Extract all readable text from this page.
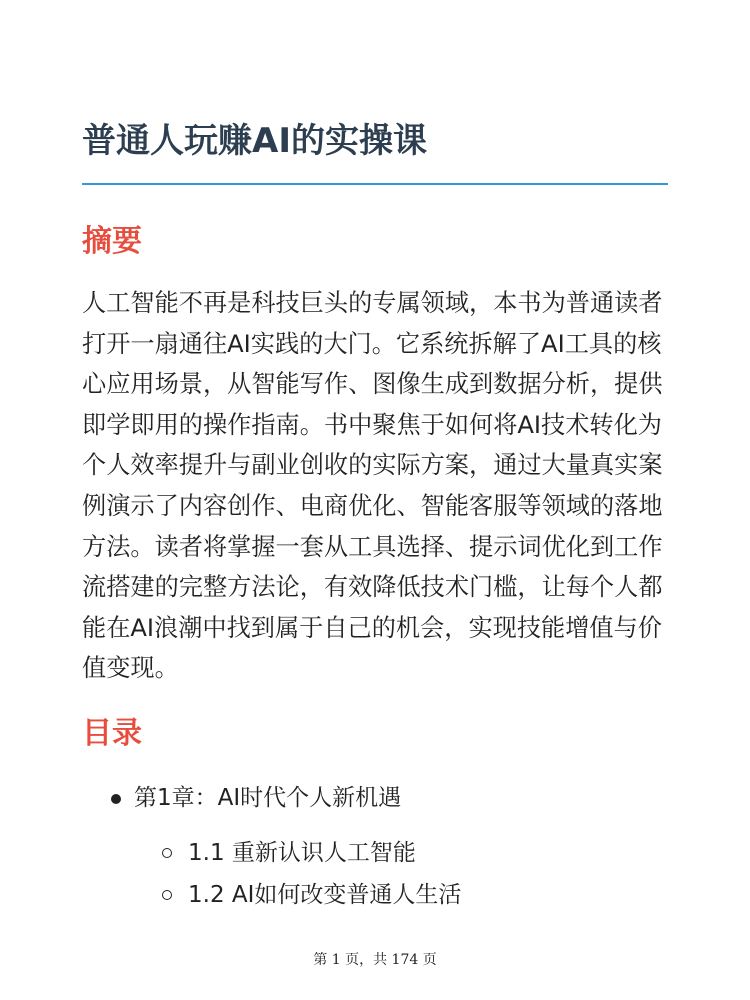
普通人玩赚AI的实操课
摘要

人工智能不再是科技巨头的专属领域，本书为普通读者打开一扇通往AI实践的大门。它系统拆解了AI工具的核心应用场景，从智能写作、图像生成到数据分析，提供即学即用的操作指南。书中聚焦于如何将AI技术转化为个人效率提升与副业创收的实际方案，通过大量真实案例演示了内容创作、电商优化、智能客服等领域的落地方法。读者将掌握一套从工具选择、提示词优化到工作流搭建的完整方法论，有效降低技术门槛，让每个人都能在AI浪潮中找到属于自己的机会，实现技能增值与价值变现。

目录
第1章：AI时代个人新机遇
1.1 重新认识人工智能
1.2 AI如何改变普通人生活
第 1 页，共 174 页
